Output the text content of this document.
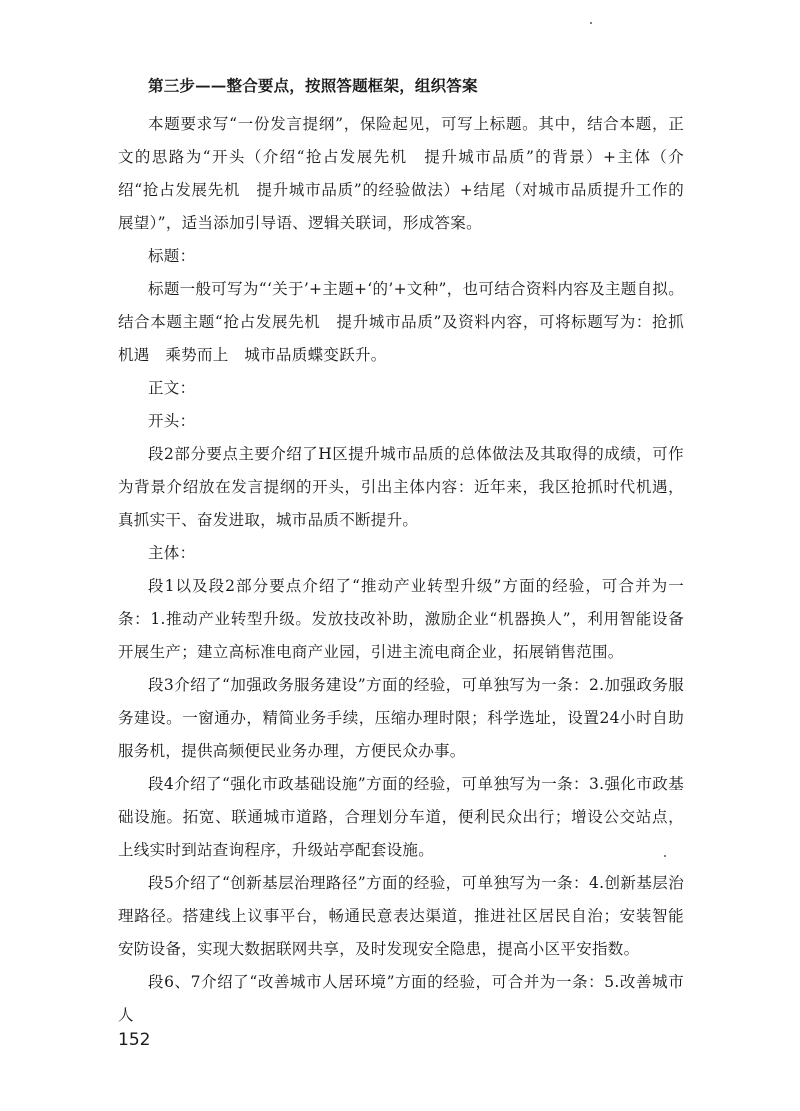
第三步——整合要点，按照答题框架，组织答案

本题要求写“一份发言提纲”，保险起见，可写上标题。其中，结合本题，正文的思路为“开头（介绍“抢占发展先机　提升城市品质”的背景）+主体（介绍“抢占发展先机　提升城市品质”的经验做法）+结尾（对城市品质提升工作的展望）”，适当添加引导语、逻辑关联词，形成答案。

标题：

标题一般可写为“‘关于’+主题+‘的’+文种”，也可结合资料内容及主题自拟。结合本题主题“抢占发展先机　提升城市品质”及资料内容，可将标题写为：抢抓机遇　乘势而上　城市品质蝶变跃升。

正文：

开头：

段2部分要点主要介绍了H区提升城市品质的总体做法及其取得的成绩，可作为背景介绍放在发言提纲的开头，引出主体内容：近年来，我区抢抓时代机遇，真抓实干、奋发进取，城市品质不断提升。

主体：

段1以及段2部分要点介绍了“推动产业转型升级”方面的经验，可合并为一条：1.推动产业转型升级。发放技改补助，激励企业“机器换人”，利用智能设备开展生产；建立高标准电商产业园，引进主流电商企业，拓展销售范围。

段3介绍了“加强政务服务建设”方面的经验，可单独写为一条：2.加强政务服务建设。一窗通办，精简业务手续，压缩办理时限；科学选址，设置24小时自助服务机，提供高频便民业务办理，方便民众办事。

段4介绍了“强化市政基础设施”方面的经验，可单独写为一条：3.强化市政基础设施。拓宽、联通城市道路，合理划分车道，便利民众出行；增设公交站点，上线实时到站查询程序，升级站亭配套设施。

段5介绍了“创新基层治理路径”方面的经验，可单独写为一条：4.创新基层治理路径。搭建线上议事平台，畅通民意表达渠道，推进社区居民自治；安装智能安防设备，实现大数据联网共享，及时发现安全隐患，提高小区平安指数。

段6、7介绍了“改善城市人居环境”方面的经验，可合并为一条：5.改善城市人

152
